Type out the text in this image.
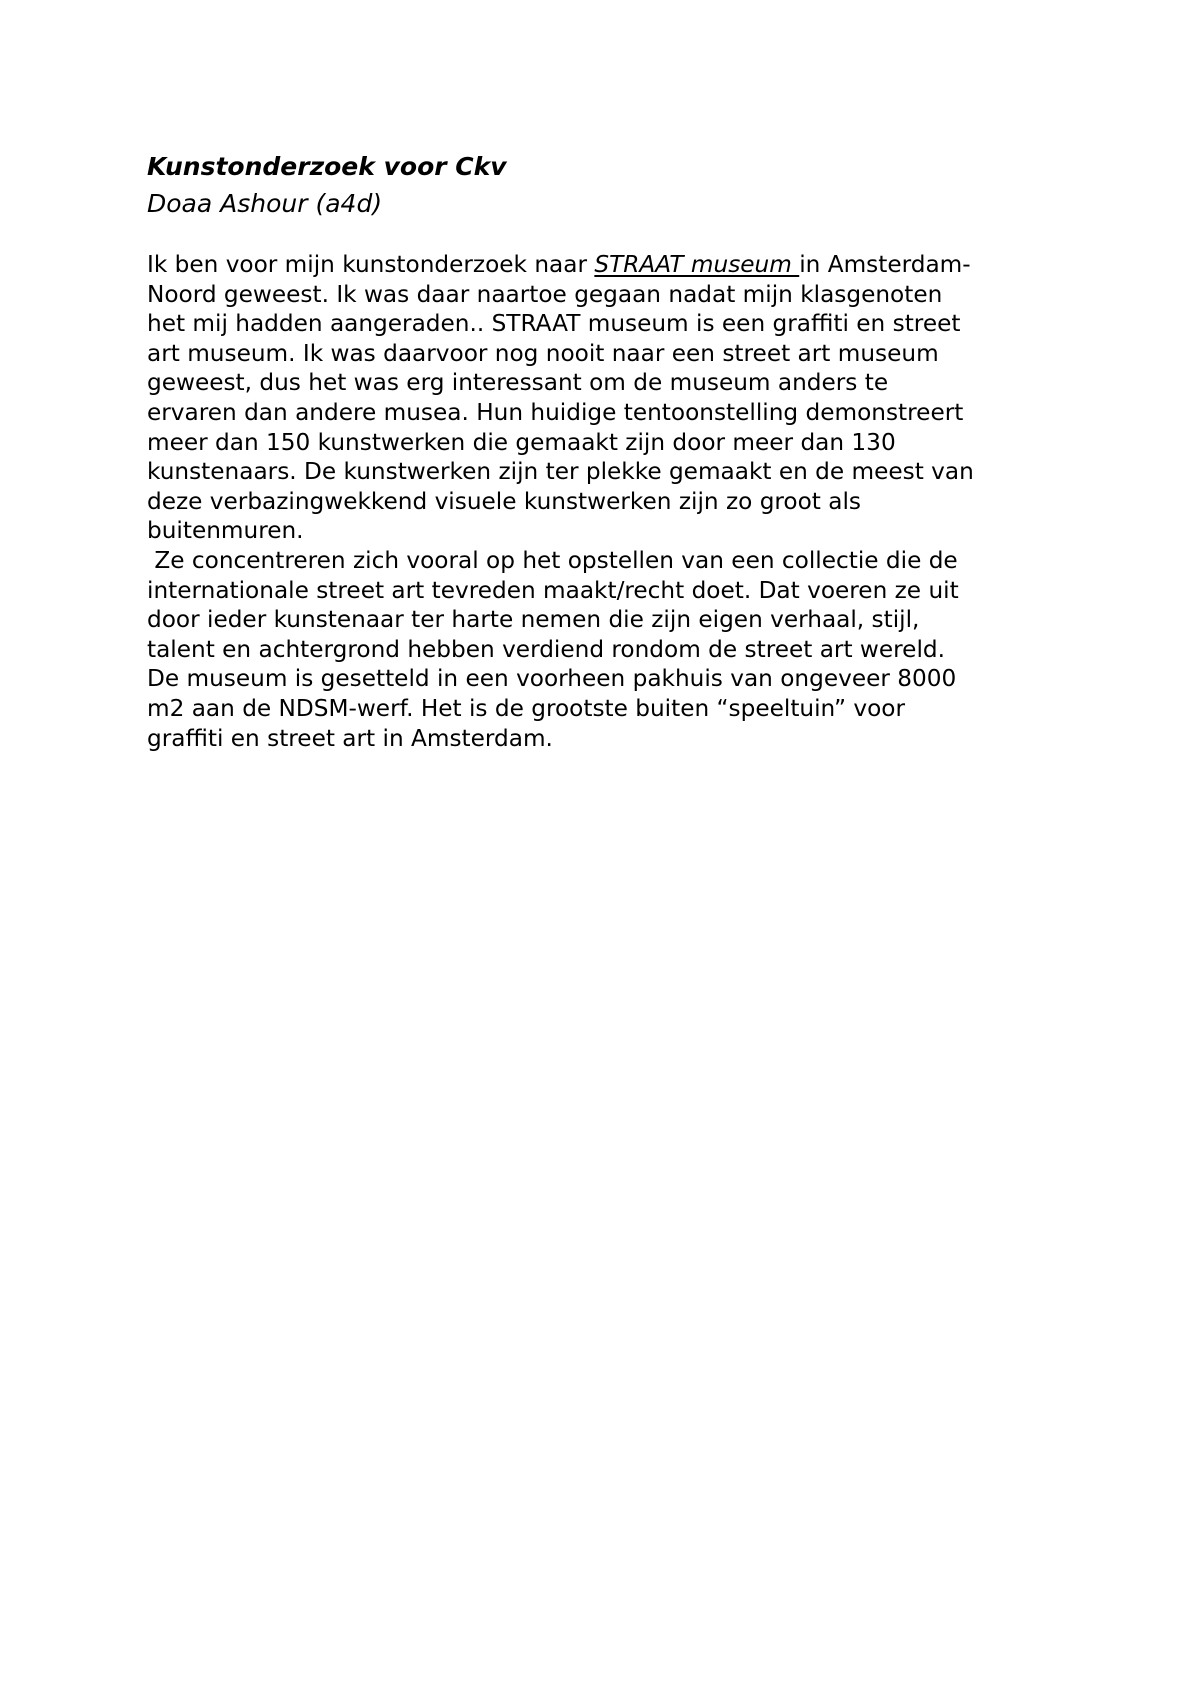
Kunstonderzoek voor Ckv
Doaa Ashour (a4d)
Ik ben voor mijn kunstonderzoek naar STRAAT museum in Amsterdam-
Noord geweest. Ik was daar naartoe gegaan nadat mijn klasgenoten
het mij hadden aangeraden.. STRAAT museum is een graffiti en street
art museum. Ik was daarvoor nog nooit naar een street art museum
geweest, dus het was erg interessant om de museum anders te
ervaren dan andere musea. Hun huidige tentoonstelling demonstreert
meer dan 150 kunstwerken die gemaakt zijn door meer dan 130
kunstenaars. De kunstwerken zijn ter plekke gemaakt en de meest van
deze verbazingwekkend visuele kunstwerken zijn zo groot als
buitenmuren.
Ze concentreren zich vooral op het opstellen van een collectie die de
internationale street art tevreden maakt/recht doet. Dat voeren ze uit
door ieder kunstenaar ter harte nemen die zijn eigen verhaal, stijl,
talent en achtergrond hebben verdiend rondom de street art wereld.
De museum is gesetteld in een voorheen pakhuis van ongeveer 8000
m2 aan de NDSM-werf. Het is de grootste buiten “speeltuin” voor
graffiti en street art in Amsterdam.
